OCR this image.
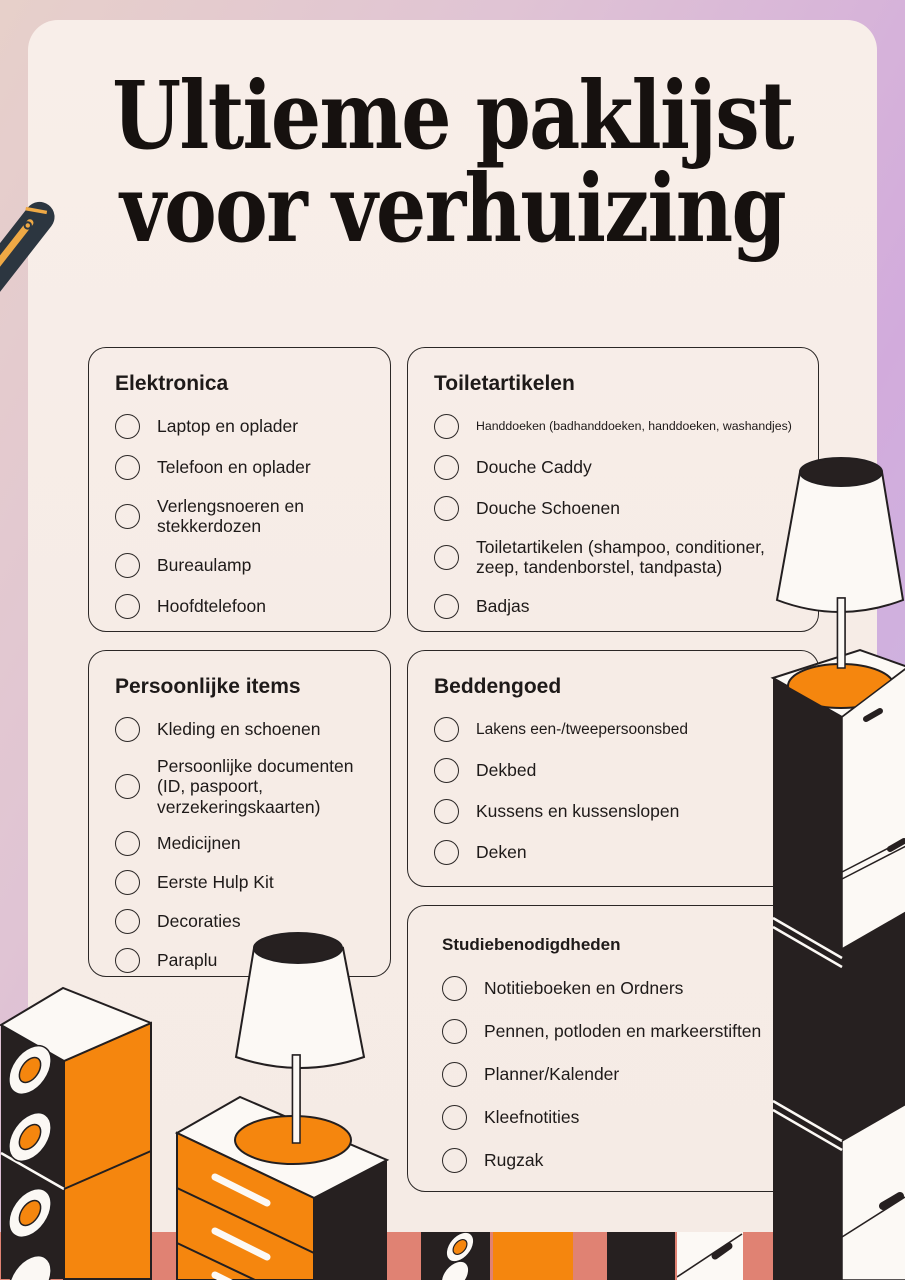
Ultieme paklijst
voor verhuizing
Elektronica
Laptop en oplader
Telefoon en oplader
Verlengsnoeren en stekkerdozen
Bureaulamp
Hoofdtelefoon
Toiletartikelen
Handdoeken (badhanddoeken, handdoeken, washandjes)
Douche Caddy
Douche Schoenen
Toiletartikelen (shampoo, conditioner, zeep, tandenborstel, tandpasta)
Badjas
Persoonlijke items
Kleding en schoenen
Persoonlijke documenten (ID, paspoort, verzekeringskaarten)
Medicijnen
Eerste Hulp Kit
Decoraties
Paraplu
Beddengoed
Lakens een-/tweepersoonsbed
Dekbed
Kussens en kussenslopen
Deken
Studiebenodigdheden
Notitieboeken en Ordners
Pennen, potloden en markeerstiften
Planner/Kalender
Kleefnotities
Rugzak
